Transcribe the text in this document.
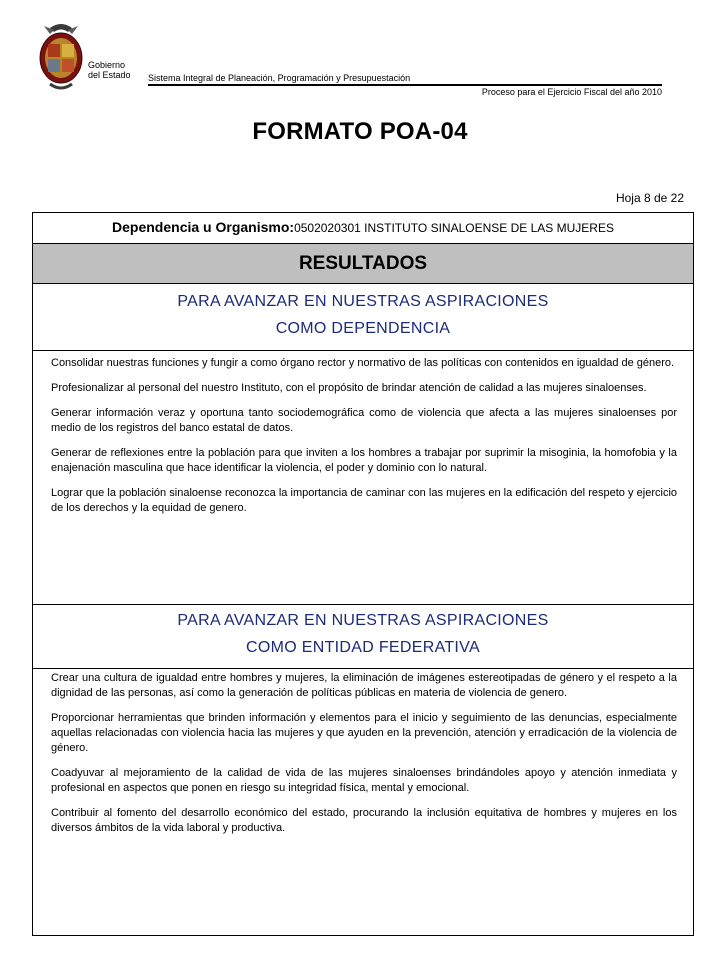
Gobierno
del Estado Sistema Integral de Planeación, Programación y Presupuestación
Proceso para el Ejercicio Fiscal del año 2010
FORMATO POA-04
Hoja 8 de 22
Dependencia u Organismo:0502020301 INSTITUTO SINALOENSE DE LAS MUJERES
RESULTADOS
PARA AVANZAR EN NUESTRAS ASPIRACIONES
COMO DEPENDENCIA

Consolidar nuestras funciones y fungir a como órgano rector y normativo de las políticas con contenidos en igualdad de género.

Profesionalizar al personal del nuestro Instituto, con el propósito de brindar atención de calidad a las mujeres sinaloenses.

Generar información veraz y oportuna tanto sociodemográfica como de violencia que afecta a las mujeres sinaloenses por medio de los registros del banco estatal de datos.

Generar de reflexiones entre la población para que inviten a los hombres a trabajar por suprimir la misoginia, la homofobia y la enajenación masculina que hace identificar la violencia, el poder y dominio con lo natural.

Lograr que la población sinaloense reconozca la importancia de caminar con las mujeres en la edificación del respeto y ejercicio de los derechos y la equidad de genero.

PARA AVANZAR EN NUESTRAS ASPIRACIONES
COMO ENTIDAD FEDERATIVA

Crear una cultura de igualdad entre hombres y mujeres, la eliminación de imágenes estereotipadas de género y el respeto a la dignidad de las personas, así como la generación de políticas públicas en materia de violencia de genero.

Proporcionar herramientas que brinden información y elementos para el inicio y seguimiento de las denuncias, especialmente aquellas relacionadas con violencia hacia las mujeres y que ayuden en la prevención, atención y erradicación de la violencia de género.

Coadyuvar al mejoramiento de la calidad de vida de las mujeres sinaloenses brindándoles apoyo y atención inmediata y profesional en aspectos que ponen en riesgo su integridad física, mental y emocional.

Contribuir al fomento del desarrollo económico del estado, procurando la inclusión equitativa de hombres y mujeres en los diversos ámbitos de la vida laboral y productiva.
